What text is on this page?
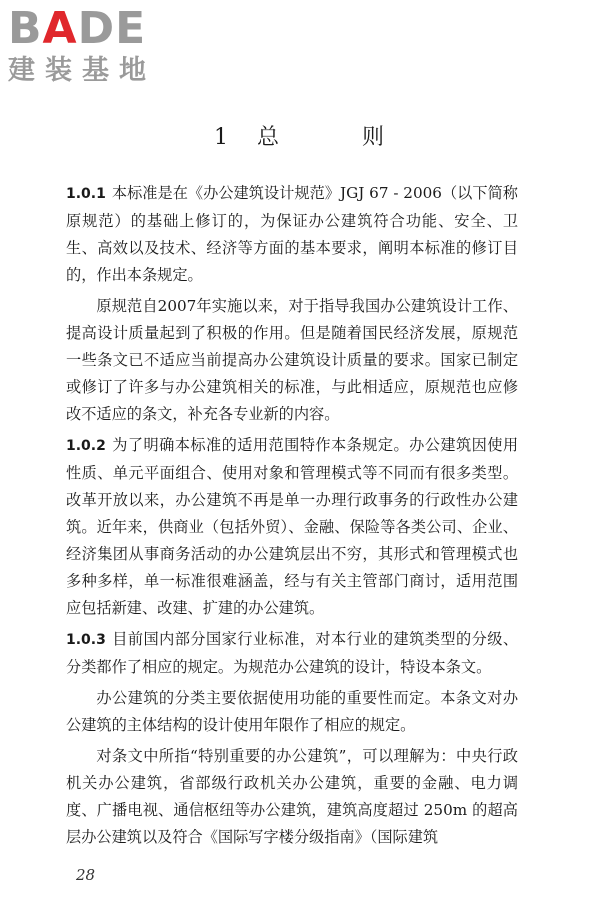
BADE
建装基地
1 总   则

1.0.1 本标准是在《办公建筑设计规范》JGJ 67 - 2006（以下简称原规范）的基础上修订的，为保证办公建筑符合功能、安全、卫生、高效以及技术、经济等方面的基本要求，阐明本标准的修订目的，作出本条规定。

原规范自2007年实施以来，对于指导我国办公建筑设计工作、提高设计质量起到了积极的作用。但是随着国民经济发展，原规范一些条文已不适应当前提高办公建筑设计质量的要求。国家已制定或修订了许多与办公建筑相关的标准，与此相适应，原规范也应修改不适应的条文，补充各专业新的内容。

1.0.2 为了明确本标准的适用范围特作本条规定。办公建筑因使用性质、单元平面组合、使用对象和管理模式等不同而有很多类型。改革开放以来，办公建筑不再是单一办理行政事务的行政性办公建筑。近年来，供商业（包括外贸）、金融、保险等各类公司、企业、经济集团从事商务活动的办公建筑层出不穷，其形式和管理模式也多种多样，单一标准很难涵盖，经与有关主管部门商讨，适用范围应包括新建、改建、扩建的办公建筑。

1.0.3 目前国内部分国家行业标准，对本行业的建筑类型的分级、分类都作了相应的规定。为规范办公建筑的设计，特设本条文。

办公建筑的分类主要依据使用功能的重要性而定。本条文对办公建筑的主体结构的设计使用年限作了相应的规定。

对条文中所指“特别重要的办公建筑”，可以理解为：中央行政机关办公建筑，省部级行政机关办公建筑，重要的金融、电力调度、广播电视、通信枢纽等办公建筑，建筑高度超过 250m 的超高层办公建筑以及符合《国际写字楼分级指南》（国际建筑

28
